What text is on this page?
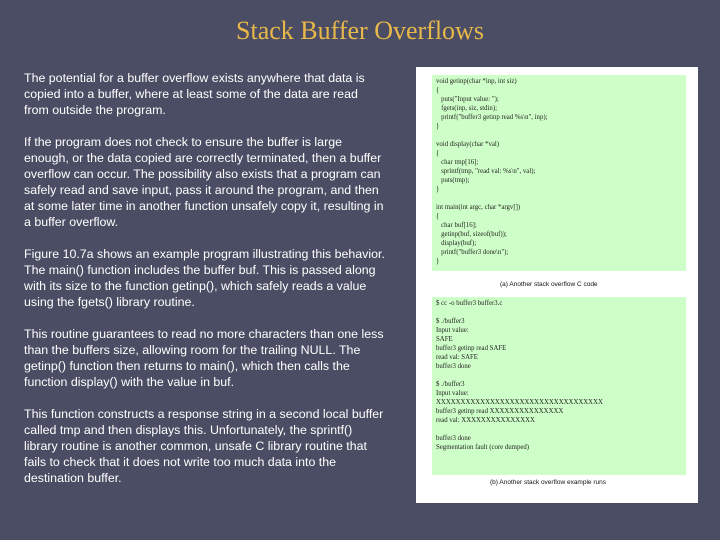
Stack Buffer Overflows

The potential for a buffer overflow exists anywhere that data is copied into a buffer, where at least some of the data are read from outside the program.

If the program does not check to ensure the buffer is large enough, or the data copied are correctly terminated, then a buffer overflow can occur. The possibility also exists that a program can safely read and save input, pass it around the program, and then at some later time in another function unsafely copy it, resulting in a buffer overflow.

Figure 10.7a shows an example program illustrating this behavior. The main() function includes the buffer buf. This is passed along with its size to the function getinp(), which safely reads a value using the fgets() library routine.

This routine guarantees to read no more characters than one less than the buffers size, allowing room for the trailing NULL. The getinp() function then returns to main(), which then calls the function display() with the value in buf.

This function constructs a response string in a second local buffer called tmp and then displays this. Unfortunately, the sprintf() library routine is another common, unsafe C library routine that fails to check that it does not write too much data into the destination buffer.

void getinp(char *inp, int siz)
{
puts("Input value: ");
fgets(inp, siz, stdin);
printf("buffer3 getinp read %s\n", inp);
}

void display(char *val)
{
char tmp[16];
sprintf(tmp, "read val: %s\n", val);
puts(tmp);
}

int main(int argc, char *argv[])
{
char buf[16];
getinp(buf, sizeof(buf));
display(buf);
printf("buffer3 done\n");
}
(a) Another stack overflow C code
$ cc -o buffer3 buffer3.c

$ ./buffer3
Input value:
SAFE
buffer3 getinp read SAFE
read val: SAFE
buffer3 done

$ ./buffer3
Input value:
XXXXXXXXXXXXXXXXXXXXXXXXXXXXXXXXXX
buffer3 getinp read XXXXXXXXXXXXXXX
read val: XXXXXXXXXXXXXXX

buffer3 done
Segmentation fault (core dumped)
(b) Another stack overflow example runs
